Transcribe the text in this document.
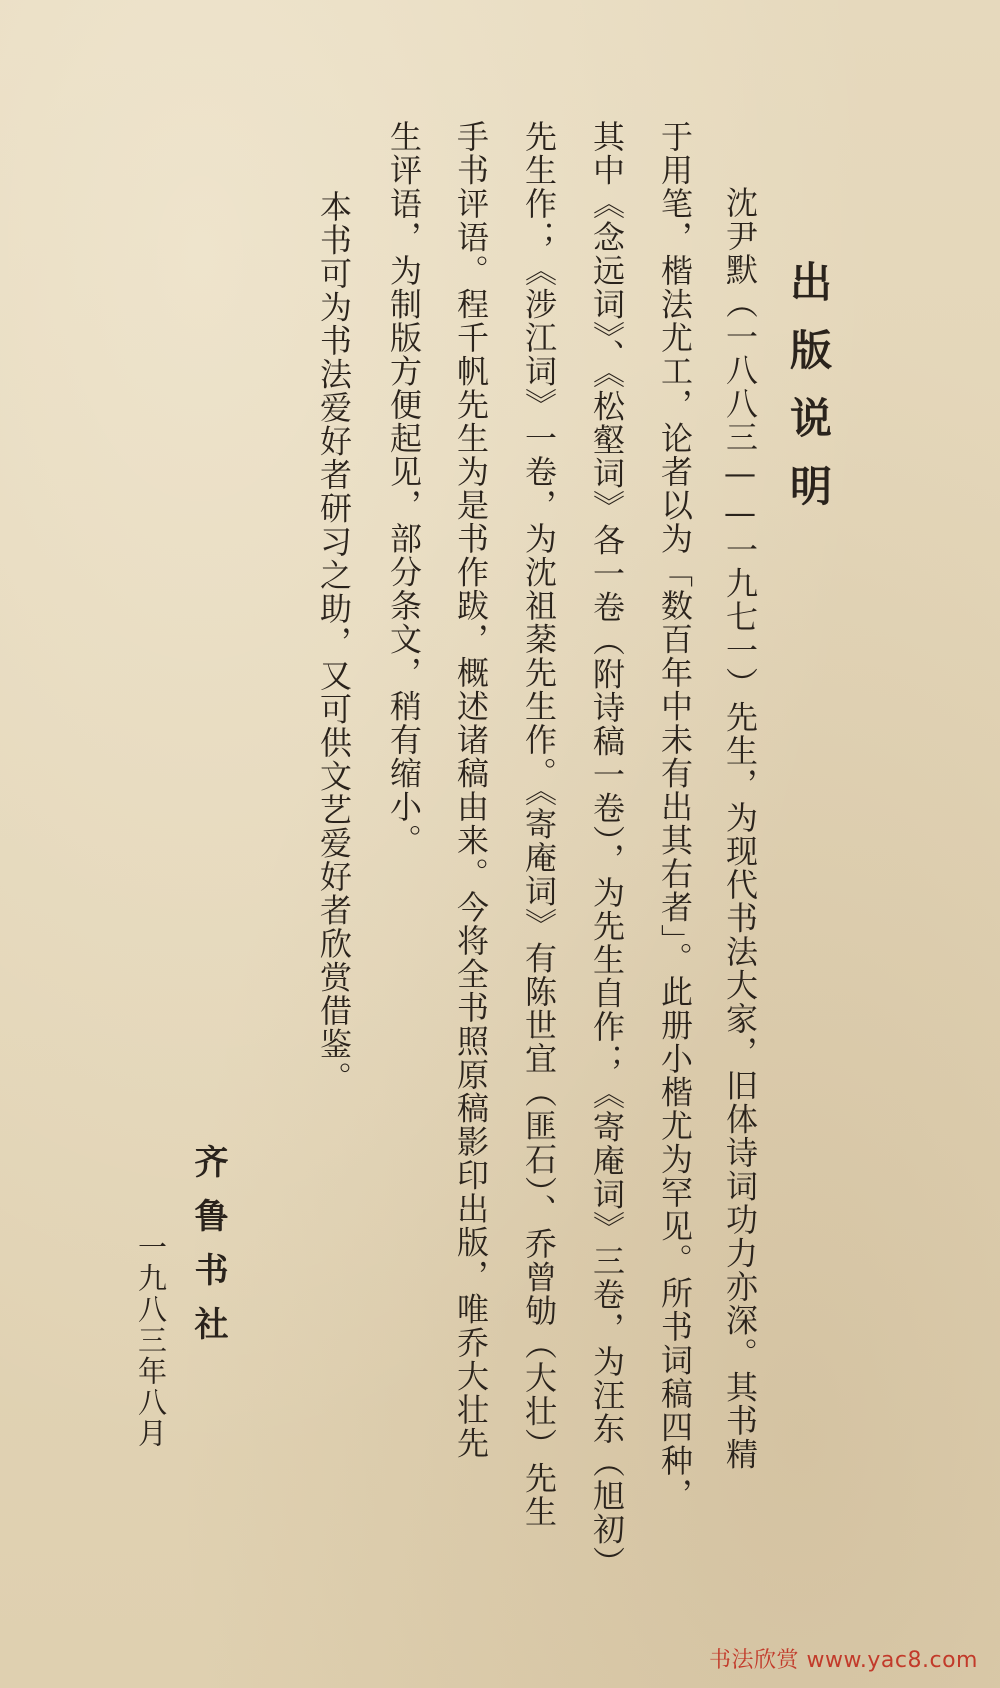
出版说明

沈尹默（一八八三——一九七一）先生，为现代书法大家，旧体诗词功力亦深。其书精

于用笔，楷法尤工，论者以为「数百年中未有出其右者」。此册小楷尤为罕见。所书词稿四种，

其中《念远词》、《松壑词》各一卷（附诗稿一卷），为先生自作；《寄庵词》三卷，为汪东（旭初）

先生作；《涉江词》一卷，为沈祖棻先生作。《寄庵词》有陈世宜（匪石）、乔曾劬（大壮）先生

手书评语。程千帆先生为是书作跋，概述诸稿由来。今将全书照原稿影印出版，唯乔大壮先

生评语，为制版方便起见，部分条文，稍有缩小。

本书可为书法爱好者研习之助，又可供文艺爱好者欣赏借鉴。

齐鲁书社

一九八三年八月

书法欣赏 www.yac8.com
